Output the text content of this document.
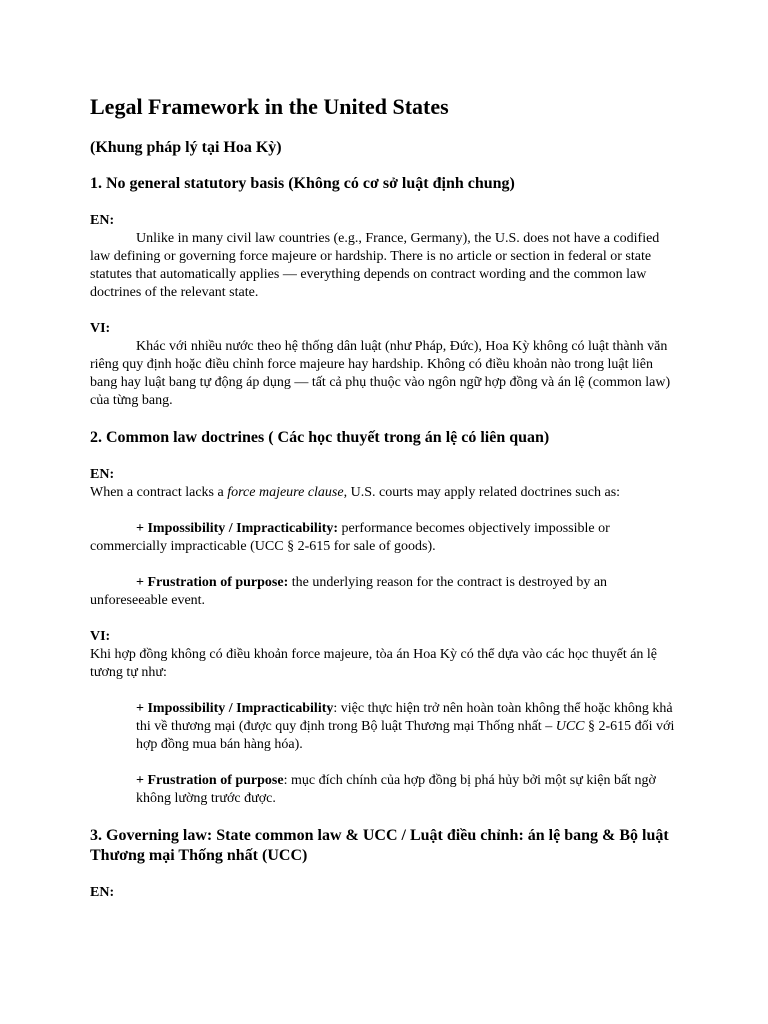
Legal Framework in the United States
(Khung pháp lý tại Hoa Kỳ)
1. No general statutory basis (Không có cơ sở luật định chung)
EN:

Unlike in many civil law countries (e.g., France, Germany), the U.S. does not have a codified law defining or governing force majeure or hardship. There is no article or section in federal or state statutes that automatically applies — everything depends on contract wording and the common law doctrines of the relevant state.

VI:

Khác với nhiều nước theo hệ thống dân luật (như Pháp, Đức), Hoa Kỳ không có luật thành văn riêng quy định hoặc điều chỉnh force majeure hay hardship. Không có điều khoản nào trong luật liên bang hay luật bang tự động áp dụng — tất cả phụ thuộc vào ngôn ngữ hợp đồng và án lệ (common law) của từng bang.

2. Common law doctrines ( Các học thuyết trong án lệ có liên quan)
EN:

When a contract lacks a force majeure clause, U.S. courts may apply related doctrines such as:

+ Impossibility / Impracticability: performance becomes objectively impossible or commercially impracticable (UCC § 2-615 for sale of goods).

+ Frustration of purpose: the underlying reason for the contract is destroyed by an unforeseeable event.

VI:

Khi hợp đồng không có điều khoản force majeure, tòa án Hoa Kỳ có thể dựa vào các học thuyết án lệ tương tự như:

+ Impossibility / Impracticability: việc thực hiện trở nên hoàn toàn không thể hoặc không khả thi về thương mại (được quy định trong Bộ luật Thương mại Thống nhất – UCC § 2-615 đối với hợp đồng mua bán hàng hóa).

+ Frustration of purpose: mục đích chính của hợp đồng bị phá hủy bởi một sự kiện bất ngờ không lường trước được.

3. Governing law: State common law & UCC / Luật điều chỉnh: án lệ bang & Bộ luật Thương mại Thống nhất (UCC)
EN:
